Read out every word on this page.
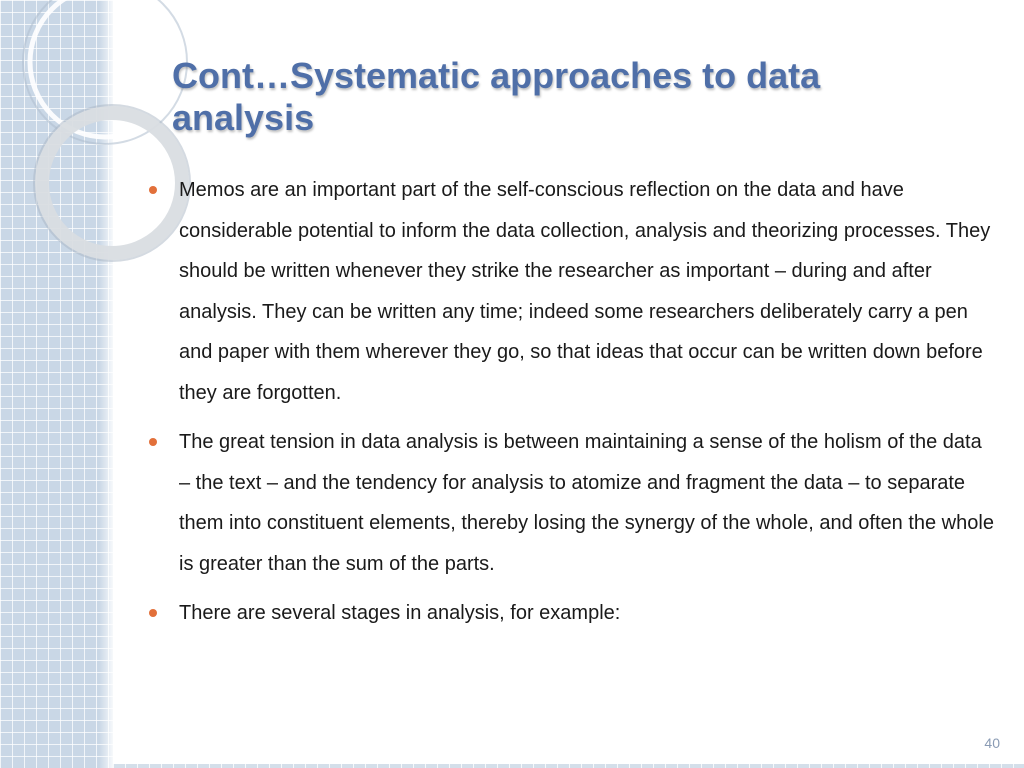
Cont…Systematic approaches to data analysis
Memos are an important part of the self-conscious reflection on the data and have considerable potential to inform the data collection, analysis and theorizing processes. They should be written whenever they strike the researcher as important – during and after analysis. They can be written any time; indeed some researchers deliberately carry a pen and paper with them wherever they go, so that ideas that occur can be written down before they are forgotten.
The great tension in data analysis is between maintaining a sense of the holism of the data – the text – and the tendency for analysis to atomize and fragment the data – to separate them into constituent elements, thereby losing the synergy of the whole, and often the whole is greater than the sum of the parts.
There are several stages in analysis, for example:
40
